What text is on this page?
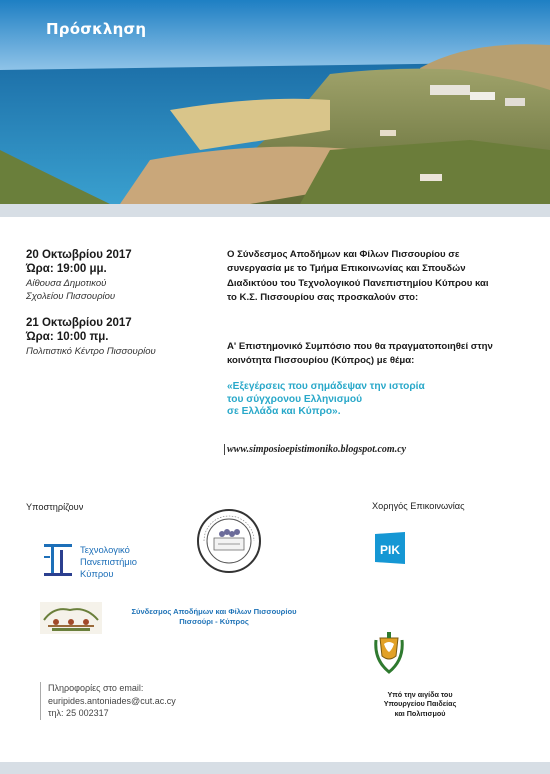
Πρόσκληση
20 Οκτωβρίου 2017
Ώρα: 19:00 μμ.
Αίθουσα Δημοτικού
Σχολείου Πισσουρίου
21 Οκτωβρίου 2017
Ώρα: 10:00 πμ.
Πολιτιστικό Κέντρο Πισσουρίου
Ο Σύνδεσμος Αποδήμων και Φίλων Πισσουρίου σε
συνεργασία με το Τμήμα Επικοινωνίας και Σπουδών
Διαδικτύου του Τεχνολογικού Πανεπιστημίου Κύπρου και
το Κ.Σ. Πισσουρίου σας προσκαλούν στο:
Α' Επιστημονικό Συμπόσιο που θα πραγματοποιηθεί στην
κοινότητα Πισσουρίου (Κύπρος) με θέμα:
«Εξεγέρσεις που σημάδεψαν την ιστορία
του σύγχρονου Ελληνισμού
σε Ελλάδα και Κύπρο».
www.simposioepistimoniko.blogspot.com.cy
Υποστηρίζουν
Τεχνολογικό
Πανεπιστήμιο
Κύπρου
Σύνδεσμος Αποδήμων και Φίλων Πισσουρίου
Πισσούρι - Κύπρος
Χορηγός Επικοινωνίας
ΡΙΚ
Υπό την αιγίδα του
Υπουργείου Παιδείας
και Πολιτισμού
Πληροφορίες στο email:
euripides.antoniades@cut.ac.cy
τηλ: 25 002317
